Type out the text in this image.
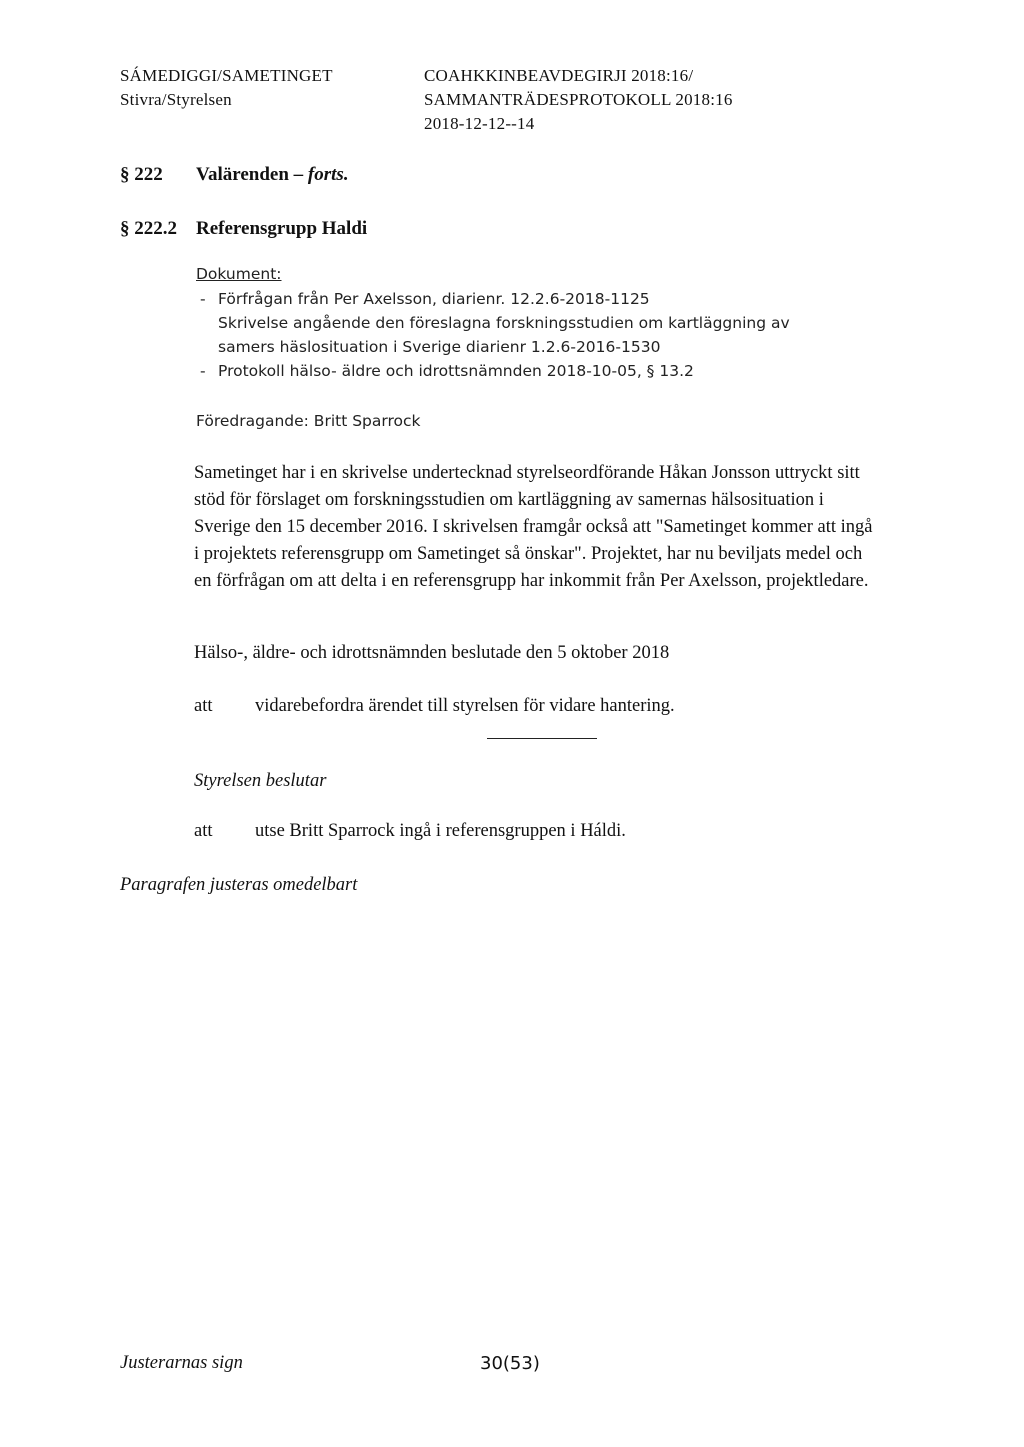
SÁMEDIGGI/SAMETINGET
Stivra/Styrelsen
COAHKKINBEAVDEGIRJI 2018:16/
SAMMANTRÄDESPROTOKOLL 2018:16
2018-12-12--14
§ 222 Valärenden – forts.
§ 222.2 Referensgrupp Haldi
Dokument:
- Förfrågan från Per Axelsson, diarienr. 12.2.6-2018-1125
Skrivelse angående den föreslagna forskningsstudien om kartläggning av
samers häslosituation i Sverige diarienr 1.2.6-2016-1530
- Protokoll hälso- äldre och idrottsnämnden 2018-10-05, § 13.2
Föredragande: Britt Sparrock
Sametinget har i en skrivelse undertecknad styrelseordförande Håkan Jonsson uttryckt sitt
stöd för förslaget om forskningsstudien om kartläggning av samernas hälsosituation i
Sverige den 15 december 2016. I skrivelsen framgår också att "Sametinget kommer att ingå
i projektets referensgrupp om Sametinget så önskar". Projektet, har nu beviljats medel och
en förfrågan om att delta i en referensgrupp har inkommit från Per Axelsson, projektledare.
Hälso-, äldre- och idrottsnämnden beslutade den 5 oktober 2018
att vidarebefordra ärendet till styrelsen för vidare hantering.
Styrelsen beslutar
att utse Britt Sparrock ingå i referensgruppen i Háldi.
Paragrafen justeras omedelbart
Justerarnas sign	30(53)
